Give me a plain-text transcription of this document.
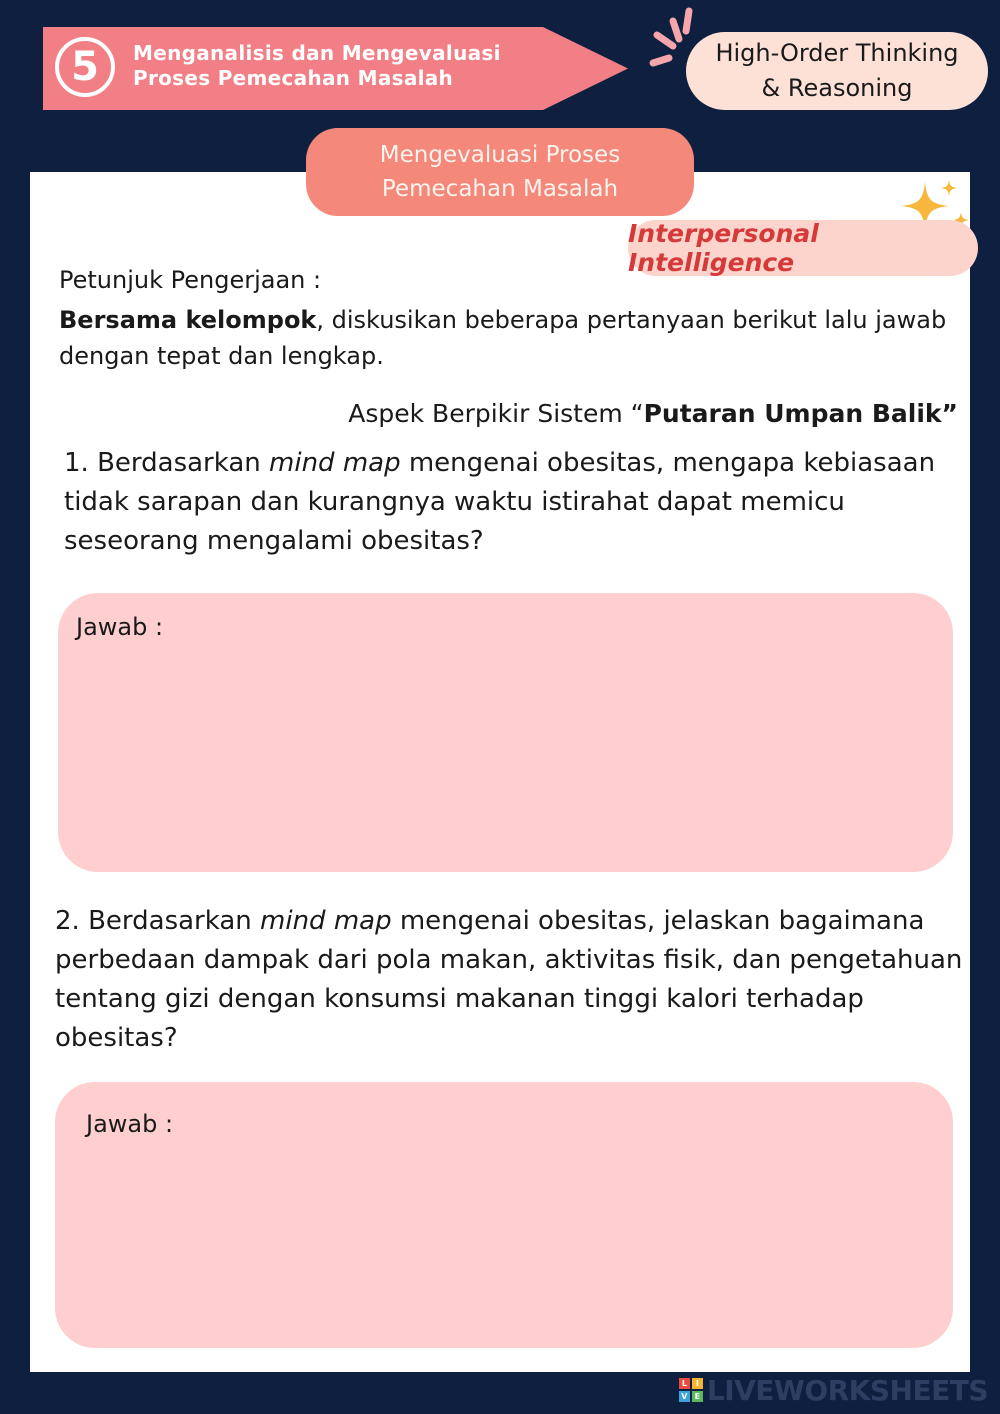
5	Menganalisis dan Mengevaluasi
Proses Pemecahan Masalah
High-Order Thinking
& Reasoning
Mengevaluasi Proses
Pemecahan Masalah
Interpersonal Intelligence
Petunjuk Pengerjaan :
Bersama kelompok, diskusikan beberapa pertanyaan berikut lalu jawab dengan tepat dan lengkap.
Aspek Berpikir Sistem “Putaran Umpan Balik”
1. Berdasarkan mind map mengenai obesitas, mengapa kebiasaan tidak sarapan dan kurangnya waktu istirahat dapat memicu seseorang mengalami obesitas?
Jawab :
2. Berdasarkan mind map mengenai obesitas, jelaskan bagaimana perbedaan dampak dari pola makan, aktivitas fisik, dan pengetahuan tentang gizi dengan konsumsi makanan tinggi kalori terhadap obesitas?
Jawab :
L	I
V E LIVEWORKSHEETS
